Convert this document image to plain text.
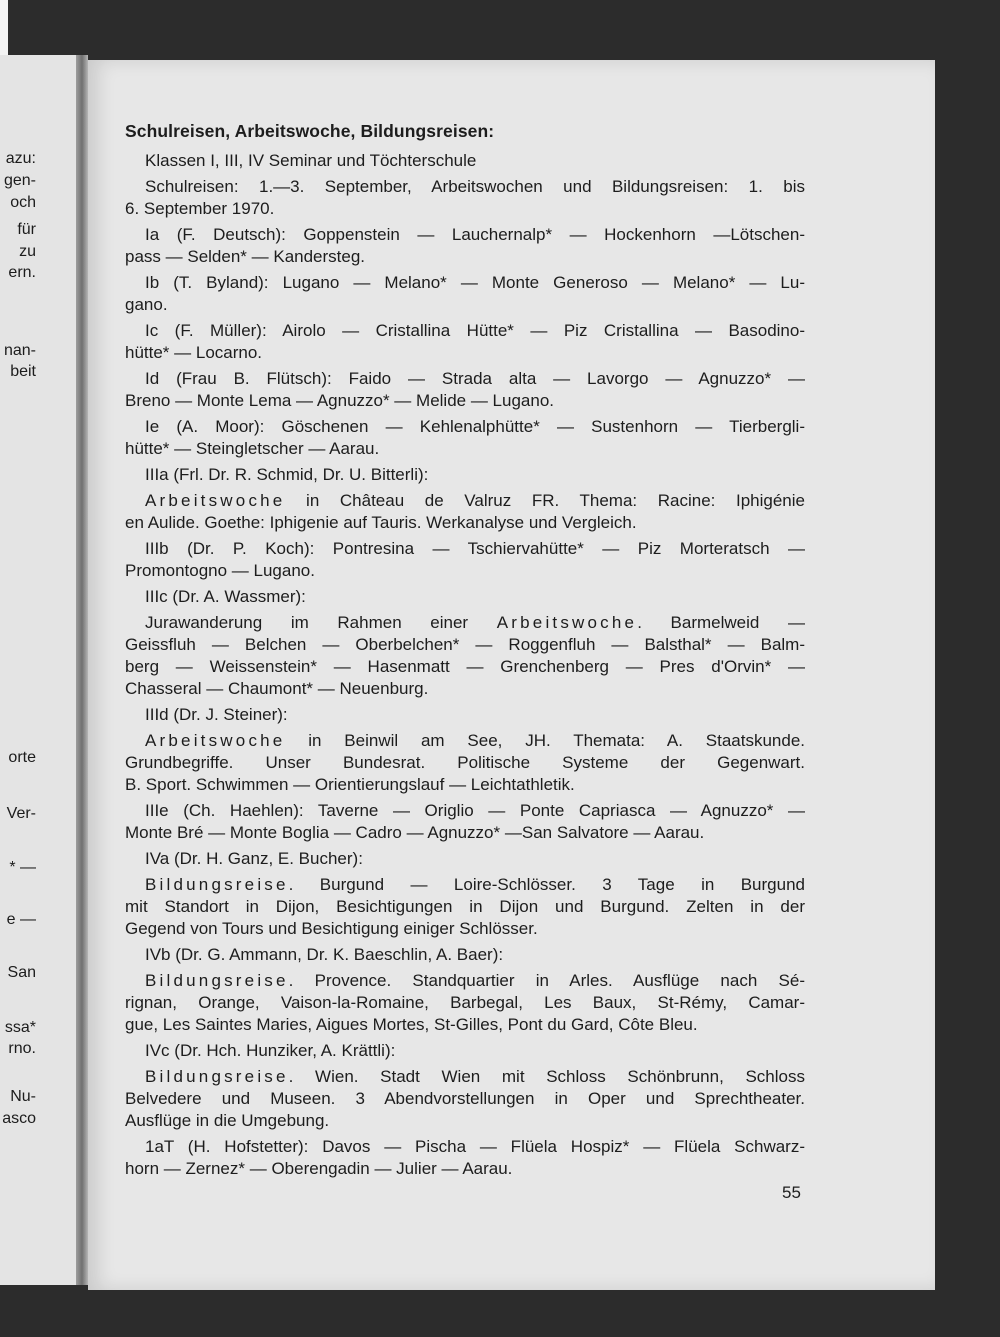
azu:
gen-
och
für
zu
ern.
nan-
beit
orte
Ver-
* —
e —
San
ssa*
rno.
Nu-
asco
Schulreisen, Arbeitswoche, Bildungsreisen:
Klassen I, III, IV Seminar und Töchterschule
Schulreisen: 1.—3. September, Arbeitswochen und Bildungsreisen: 1. bis
6. September 1970.
Ia (F. Deutsch): Goppenstein — Lauchernalp* — Hockenhorn —Lötschen-
pass — Selden* — Kandersteg.
Ib (T. Byland): Lugano — Melano* — Monte Generoso — Melano* — Lu-
gano.
Ic (F. Müller): Airolo — Cristallina Hütte* — Piz Cristallina — Basodino-
hütte* — Locarno.
Id (Frau B. Flütsch): Faido — Strada alta — Lavorgo — Agnuzzo* —
Breno — Monte Lema — Agnuzzo* — Melide — Lugano.
Ie (A. Moor): Göschenen — Kehlenalphütte* — Sustenhorn — Tierbergli-
hütte* — Steingletscher — Aarau.
IIIa (Frl. Dr. R. Schmid, Dr. U. Bitterli):
Arbeitswoche in Château de Valruz FR. Thema: Racine: Iphigénie
en Aulide. Goethe: Iphigenie auf Tauris. Werkanalyse und Vergleich.
IIIb (Dr. P. Koch): Pontresina — Tschiervahütte* — Piz Morteratsch —
Promontogno — Lugano.
IIIc (Dr. A. Wassmer):
Jurawanderung im Rahmen einer Arbeitswoche. Barmelweid —
Geissfluh — Belchen — Oberbelchen* — Roggenfluh — Balsthal* — Balm-
berg — Weissenstein* — Hasenmatt — Grenchenberg — Pres d'Orvin* —
Chasseral — Chaumont* — Neuenburg.
IIId (Dr. J. Steiner):
Arbeitswoche in Beinwil am See, JH. Themata: A. Staatskunde.
Grundbegriffe. Unser Bundesrat. Politische Systeme der Gegenwart.
B. Sport. Schwimmen — Orientierungslauf — Leichtathletik.
IIIe (Ch. Haehlen): Taverne — Origlio — Ponte Capriasca — Agnuzzo* —
Monte Bré — Monte Boglia — Cadro — Agnuzzo* —San Salvatore — Aarau.
IVa (Dr. H. Ganz, E. Bucher):
Bildungsreise. Burgund — Loire-Schlösser. 3 Tage in Burgund
mit Standort in Dijon, Besichtigungen in Dijon und Burgund. Zelten in der
Gegend von Tours und Besichtigung einiger Schlösser.
IVb (Dr. G. Ammann, Dr. K. Baeschlin, A. Baer):
Bildungsreise. Provence. Standquartier in Arles. Ausflüge nach Sé-
rignan, Orange, Vaison-la-Romaine, Barbegal, Les Baux, St-Rémy, Camar-
gue, Les Saintes Maries, Aigues Mortes, St-Gilles, Pont du Gard, Côte Bleu.
IVc (Dr. Hch. Hunziker, A. Krättli):
Bildungsreise. Wien. Stadt Wien mit Schloss Schönbrunn, Schloss
Belvedere und Museen. 3 Abendvorstellungen in Oper und Sprechtheater.
Ausflüge in die Umgebung.
1aT (H. Hofstetter): Davos — Pischa — Flüela Hospiz* — Flüela Schwarz-
horn — Zernez* — Oberengadin — Julier — Aarau.
55
